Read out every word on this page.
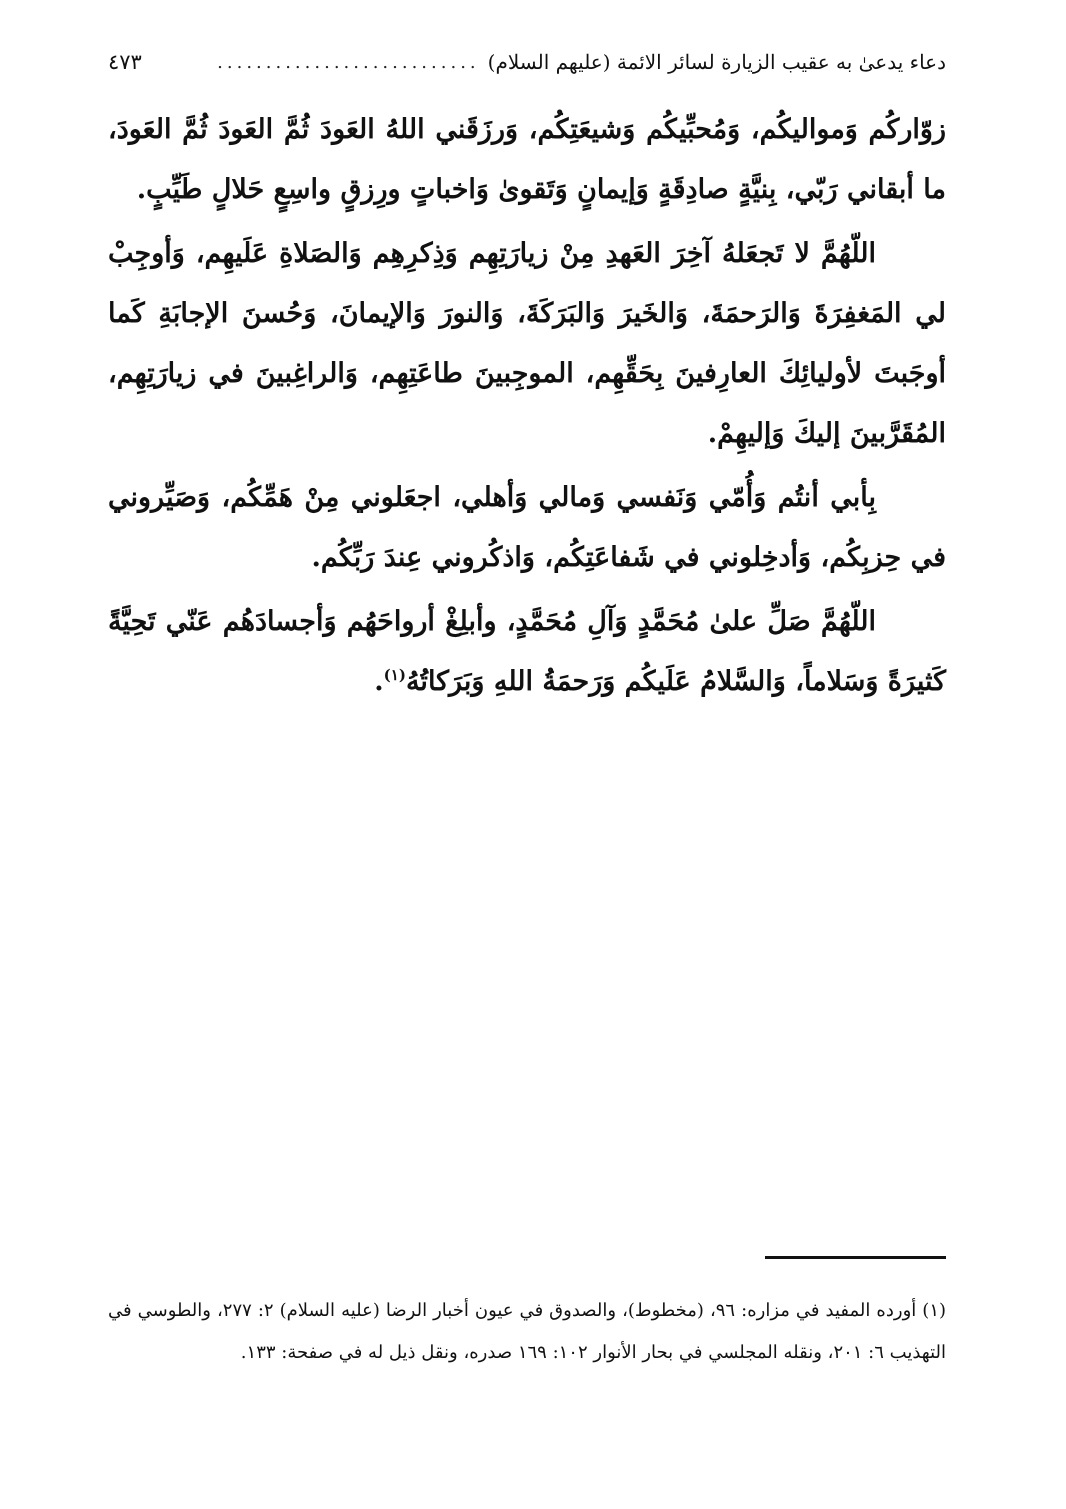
دعاء يدعىٰ به عقيب الزيارة لسائر الائمة (عليهم السلام)
...........................
٤٧٣

زوّاركُم وَمواليكُم، وَمُحبِّيكُم وَشيعَتِكُم، وَرزَقَني اللهُ العَودَ ثُمَّ العَودَ ثُمَّ العَودَ، ما أبقاني رَبّي، بِنيَّةٍ صادِقَةٍ وَإيمانٍ وَتَقوىٰ وَاخباتٍ ورِزقٍ واسِعٍ حَلالٍ طَيِّبٍ.

اللّهُمَّ لا تَجعَلهُ آخِرَ العَهدِ مِنْ زيارَتِهِم وَذِكرِهِم وَالصَلاةِ عَلَيهِم، وَأوجِبْ لي المَغفِرَةَ وَالرَحمَةَ، وَالخَيرَ وَالبَرَكَةَ، وَالنورَ وَالإيمانَ، وَحُسنَ الإجابَةِ كَما أوجَبتَ لأوليائِكَ العارِفينَ بِحَقِّهِم، الموجِبينَ طاعَتِهِم، وَالراغِبينَ في زيارَتِهِم، المُقَرَّبينَ إليكَ وَإليهِمْ.

بِأبي أنتُم وَأُمّي وَنَفسي وَمالي وَأهلي، اجعَلوني مِنْ هَمِّكُم، وَصَيِّروني في حِزبِكُم، وَأدخِلوني في شَفاعَتِكُم، وَاذكُروني عِندَ رَبِّكُم.

اللّهُمَّ صَلِّ علىٰ مُحَمَّدٍ وَآلِ مُحَمَّدٍ، وأبلِغْ أرواحَهُم وَأجسادَهُم عَنّي تَحِيَّةً كَثيرَةً وَسَلاماً، وَالسَّلامُ عَلَيكُم وَرَحمَةُ اللهِ وَبَرَكاتُهُ$^{(١)}$.

(١) أورده المفيد في مزاره: ٩٦، (مخطوط)، والصدوق في عيون أخبار الرضا (عليه السلام) ٢: ٢٧٧، والطوسي في التهذيب ٦: ٢٠١، ونقله المجلسي في بحار الأنوار ١٠٢: ١٦٩ صدره، ونقل ذيل له في صفحة: ١٣٣.
